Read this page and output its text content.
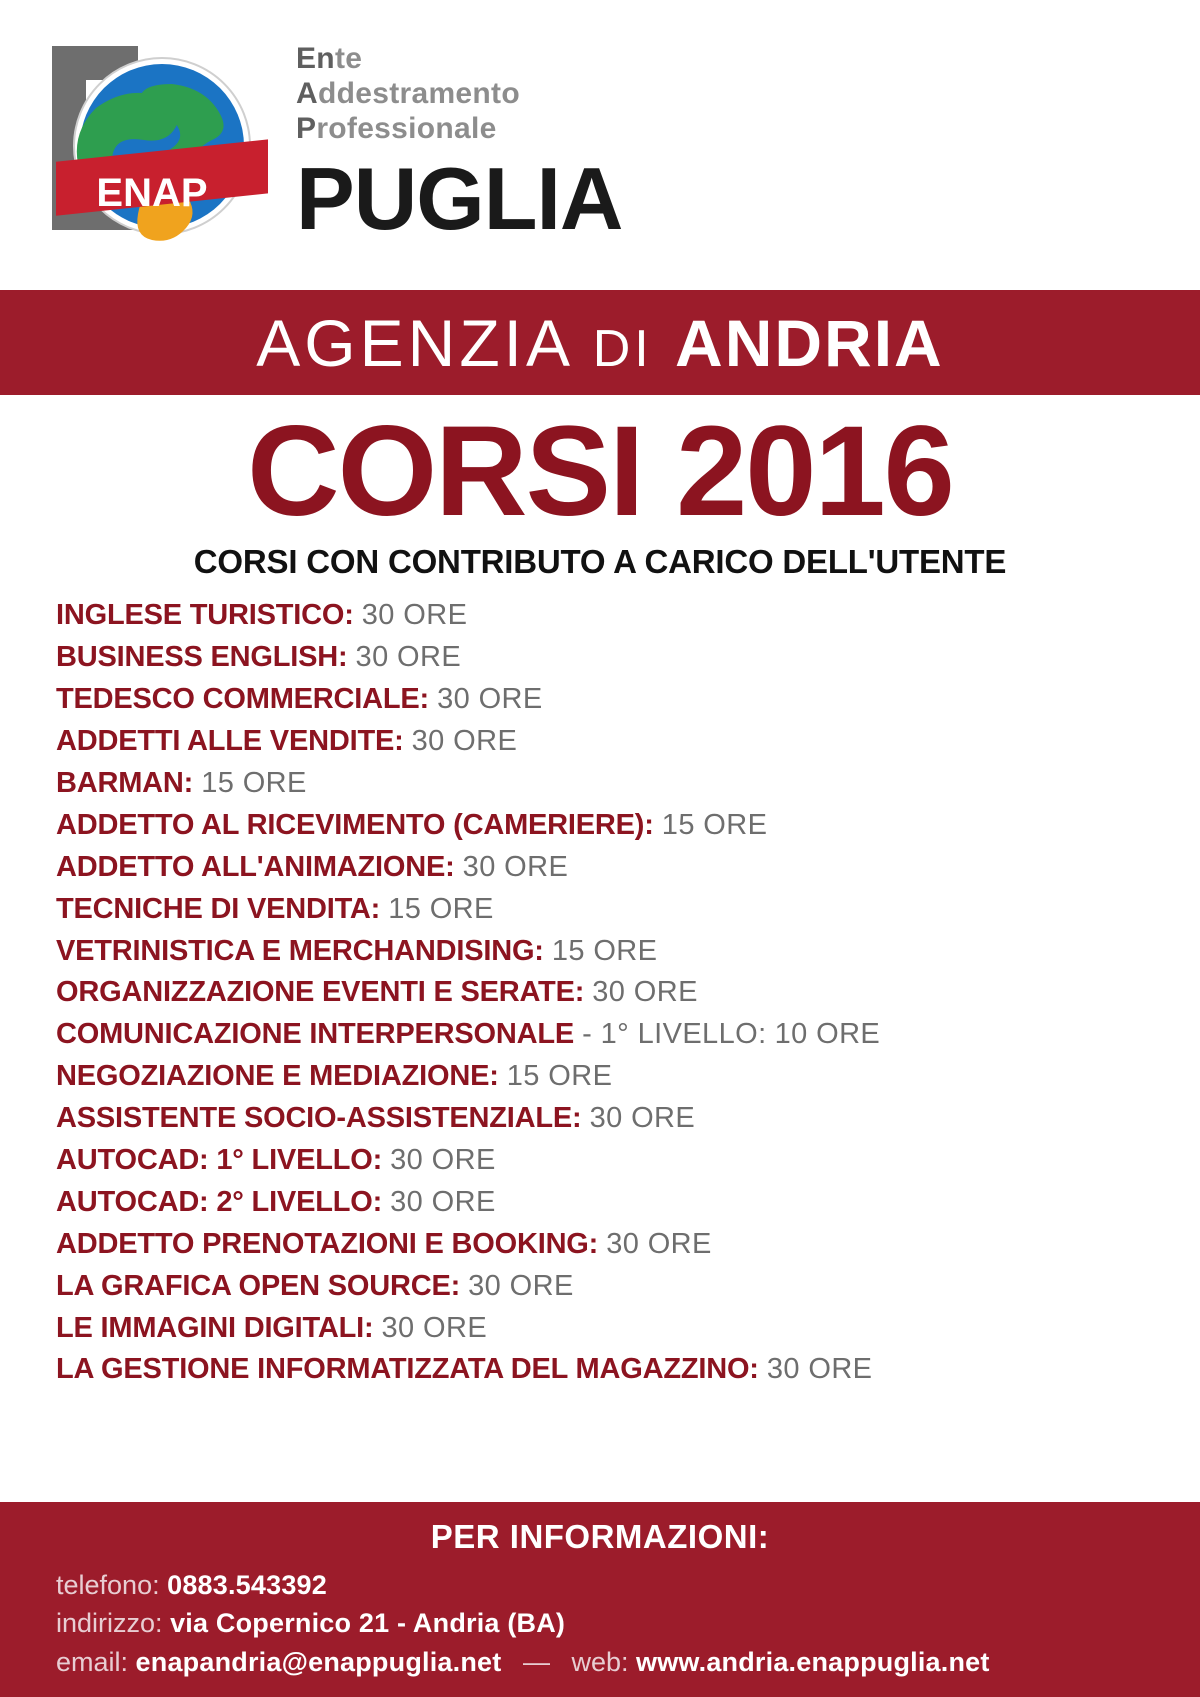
ENAP
Ente
Addestramento
Professionale
PUGLIA
AGENZIA DI ANDRIA
CORSI 2016
CORSI CON CONTRIBUTO A CARICO DELL'UTENTE
INGLESE TURISTICO: 30 ORE
BUSINESS ENGLISH: 30 ORE
TEDESCO COMMERCIALE: 30 ORE
ADDETTI ALLE VENDITE: 30 ORE
BARMAN: 15 ORE
ADDETTO AL RICEVIMENTO (CAMERIERE): 15 ORE
ADDETTO ALL'ANIMAZIONE: 30 ORE
TECNICHE DI VENDITA: 15 ORE
VETRINISTICA E MERCHANDISING: 15 ORE
ORGANIZZAZIONE EVENTI E SERATE: 30 ORE
COMUNICAZIONE INTERPERSONALE - 1° LIVELLO: 10 ORE
NEGOZIAZIONE E MEDIAZIONE: 15 ORE
ASSISTENTE SOCIO-ASSISTENZIALE: 30 ORE
AUTOCAD: 1° LIVELLO: 30 ORE
AUTOCAD: 2° LIVELLO: 30 ORE
ADDETTO PRENOTAZIONI E BOOKING: 30 ORE
LA GRAFICA OPEN SOURCE: 30 ORE
LE IMMAGINI DIGITALI: 30 ORE
LA GESTIONE INFORMATIZZATA DEL MAGAZZINO: 30 ORE
PER INFORMAZIONI:
telefono: 0883.543392
indirizzo: via Copernico 21 - Andria (BA)
email: enapandria@enappuglia.net — web: www.andria.enappuglia.net
